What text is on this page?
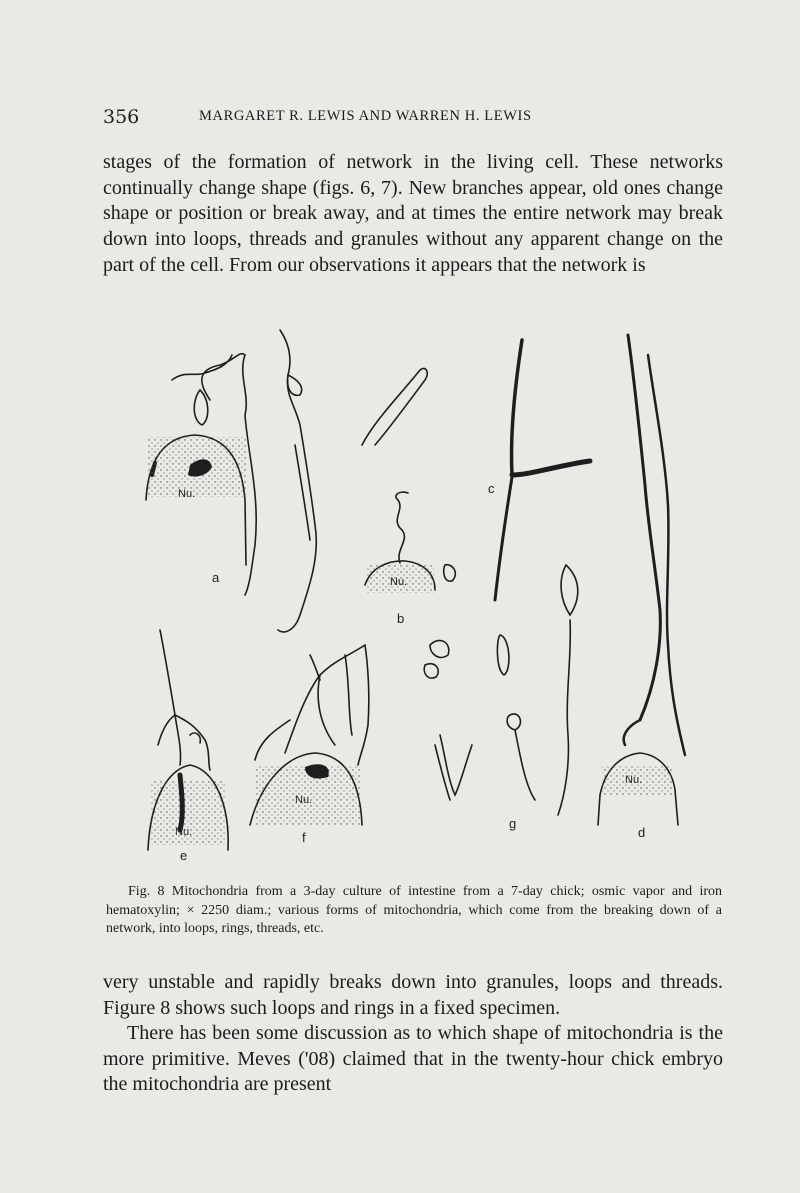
356	MARGARET R. LEWIS AND WARREN H. LEWIS

stages of the formation of network in the living cell. These networks continually change shape (figs. 6, 7). New branches appear, old ones change shape or position or break away, and at times the entire network may break down into loops, threads and granules without any apparent change on the part of the cell. From our observations it appears that the network is

Nu.
Nu.
Nu.
Nu.
Nu.
a
b
c
d
e
f
g

Fig. 8 Mitochondria from a 3-day culture of intestine from a 7-day chick; osmic vapor and iron hematoxylin; × 2250 diam.; various forms of mitochondria, which come from the breaking down of a network, into loops, rings, threads, etc.

very unstable and rapidly breaks down into granules, loops and threads. Figure 8 shows such loops and rings in a fixed specimen.

There has been some discussion as to which shape of mitochondria is the more primitive. Meves ('08) claimed that in the twenty-hour chick embryo the mitochondria are present
